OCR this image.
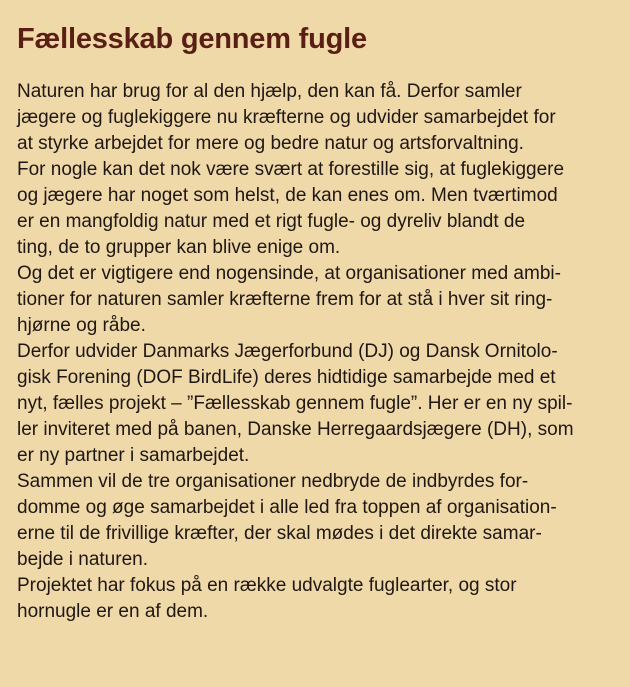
Fællesskab gennem fugle
Naturen har brug for al den hjælp, den kan få. Derfor samler
jægere og fuglekiggere nu kræfterne og udvider samarbejdet for
at styrke arbejdet for mere og bedre natur og artsforvaltning.
For nogle kan det nok være svært at forestille sig, at fuglekiggere
og jægere har noget som helst, de kan enes om. Men tværtimod
er en mangfoldig natur med et rigt fugle- og dyreliv blandt de
ting, de to grupper kan blive enige om.
Og det er vigtigere end nogensinde, at organisationer med ambi-
tioner for naturen samler kræfterne frem for at stå i hver sit ring-
hjørne og råbe.
Derfor udvider Danmarks Jægerforbund (DJ) og Dansk Ornitolo-
gisk Forening (DOF BirdLife) deres hidtidige samarbejde med et
nyt, fælles projekt – ”Fællesskab gennem fugle”. Her er en ny spil-
ler inviteret med på banen, Danske Herregaardsjægere (DH), som
er ny partner i samarbejdet.
Sammen vil de tre organisationer nedbryde de indbyrdes for-
domme og øge samarbejdet i alle led fra toppen af organisation-
erne til de frivillige kræfter, der skal mødes i det direkte samar-
bejde i naturen.
Projektet har fokus på en række udvalgte fuglearter, og stor
hornugle er en af dem.
